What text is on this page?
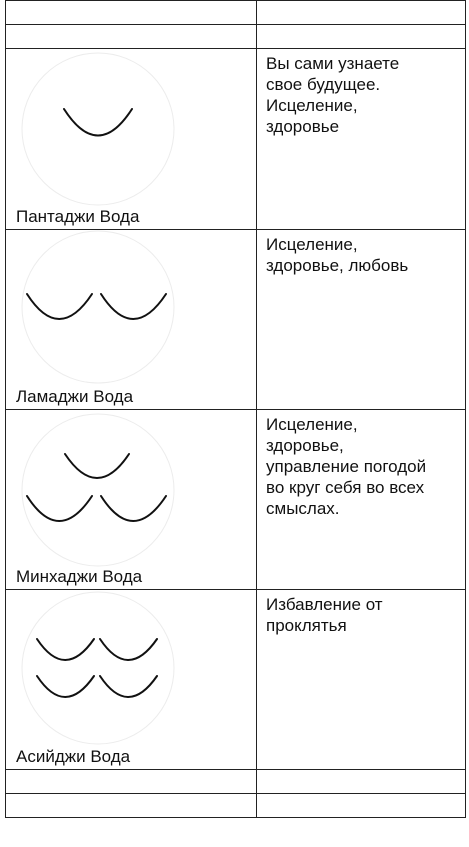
Пантаджи Вода
Вы сами узнаете
свое будущее.
Исцеление,
здоровье
Ламаджи Вода
Исцеление,
здоровье, любовь
Минхаджи Вода
Исцеление,
здоровье,
управление погодой
во круг себя во всех
смыслах.
Асийджи Вода
Избавление от
проклятья
